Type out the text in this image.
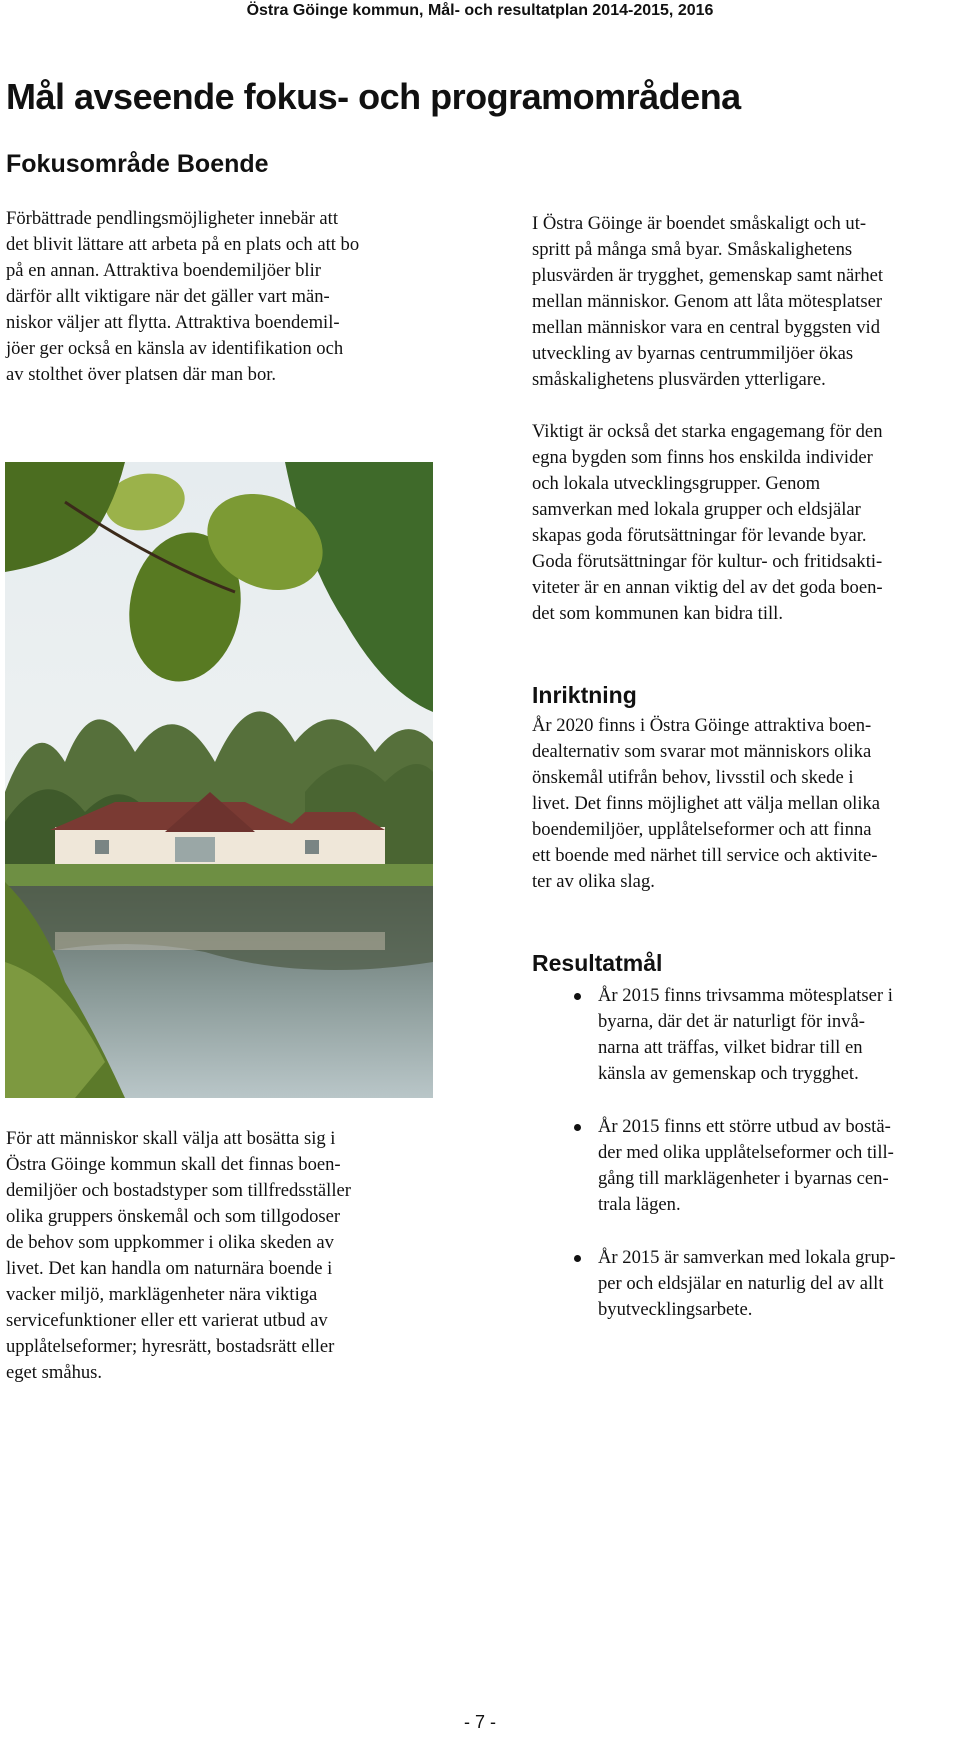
Östra Göinge kommun, Mål- och resultatplan 2014-2015, 2016
Mål avseende fokus- och programområdena
Fokusområde Boende
Förbättrade pendlingsmöjligheter innebär att
det blivit lättare att arbeta på en plats och att bo
på en annan. Attraktiva boendemiljöer blir
därför allt viktigare när det gäller vart män-
niskor väljer att flytta. Attraktiva boendemil-
jöer ger också en känsla av identifikation och
av stolthet över platsen där man bor.
I Östra Göinge är boendet småskaligt och ut-
spritt på många små byar. Småskalighetens
plusvärden är trygghet, gemenskap samt närhet
mellan människor. Genom att låta mötesplatser
mellan människor vara en central byggsten vid
utveckling av byarnas centrummiljöer ökas
småskalighetens plusvärden ytterligare.
Viktigt är också det starka engagemang för den
egna bygden som finns hos enskilda individer
och lokala utvecklingsgrupper. Genom
samverkan med lokala grupper och eldsjälar
skapas goda förutsättningar för levande byar.
Goda förutsättningar för kultur- och fritidsakti-
viteter är en annan viktig del av det goda boen-
det som kommunen kan bidra till.
Inriktning
År 2020 finns i Östra Göinge attraktiva boen-
dealternativ som svarar mot människors olika
önskemål utifrån behov, livsstil och skede i
livet. Det finns möjlighet att välja mellan olika
boendemiljöer, upplåtelseformer och att finna
ett boende med närhet till service och aktivite-
ter av olika slag.
Resultatmål
År 2015 finns trivsamma mötesplatser i
byarna, där det är naturligt för invå-
narna att träffas, vilket bidrar till en
känsla av gemenskap och trygghet.
År 2015 finns ett större utbud av bostä-
der med olika upplåtelseformer och till-
gång till marklägenheter i byarnas cen-
trala lägen.
År 2015 är samverkan med lokala grup-
per och eldsjälar en naturlig del av allt
byutvecklingsarbete.
För att människor skall välja att bosätta sig i
Östra Göinge kommun skall det finnas boen-
demiljöer och bostadstyper som tillfredsställer
olika gruppers önskemål och som tillgodoser
de behov som uppkommer i olika skeden av
livet. Det kan handla om naturnära boende i
vacker miljö, marklägenheter nära viktiga
servicefunktioner eller ett varierat utbud av
upplåtelseformer; hyresrätt, bostadsrätt eller
eget småhus.
- 7 -
